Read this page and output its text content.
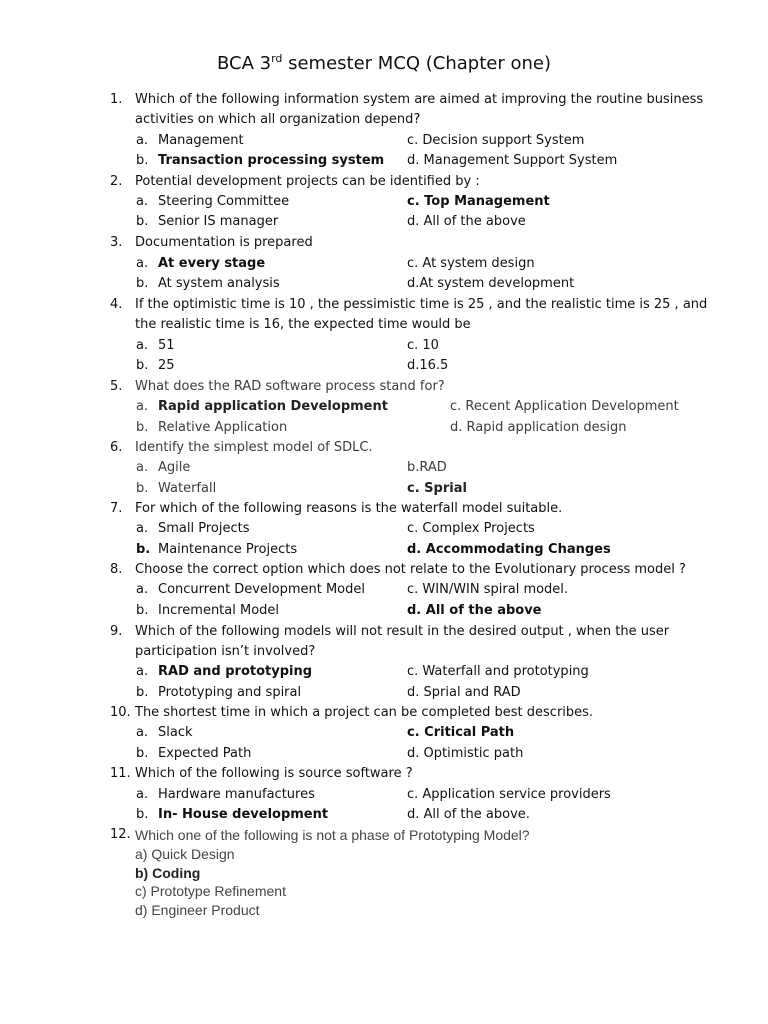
BCA 3rd semester MCQ (Chapter one)
1. Which of the following information system are aimed at improving the routine business
activities on which all organization depend?
a. Management	c. Decision support System
b. Transaction processing system d. Management Support System
2. Potential development projects can be identified by :
a. Steering Committee	c. Top Management
b. Senior IS manager	d. All of the above
3. Documentation is prepared
a. At every stage	c. At system design
b. At system analysis	d.At system development
4. If the optimistic time is 10 , the pessimistic time is 25 , and the realistic time is 25 , and
the realistic time is 16, the expected time would be
a. 51	c. 10
b. 25	d.16.5
5. What does the RAD software process stand for?
a. Rapid application Development	c. Recent Application Development
b. Relative Application	d. Rapid application design
6. Identify the simplest model of SDLC.
a. Agile	b.RAD
b. Waterfall	c. Sprial
7. For which of the following reasons is the waterfall model suitable.
a. Small Projects	c. Complex Projects
b. Maintenance Projects	d. Accommodating Changes
8. Choose the correct option which does not relate to the Evolutionary process model ?
a. Concurrent Development Model	c. WIN/WIN spiral model.
b. Incremental Model	d. All of the above
9. Which of the following models will not result in the desired output , when the user
participation isn’t involved?
a. RAD and prototyping	c. Waterfall and prototyping
b. Prototyping and spiral	d. Sprial and RAD
10. The shortest time in which a project can be completed best describes.
a. Slack	c. Critical Path
b. Expected Path	d. Optimistic path
11. Which of the following is source software ?
a. Hardware manufactures	c. Application service providers
b. In- House development	d. All of the above.
12. Which one of the following is not a phase of Prototyping Model?
a) Quick Design
b) Coding
c) Prototype Refinement
d) Engineer Product
